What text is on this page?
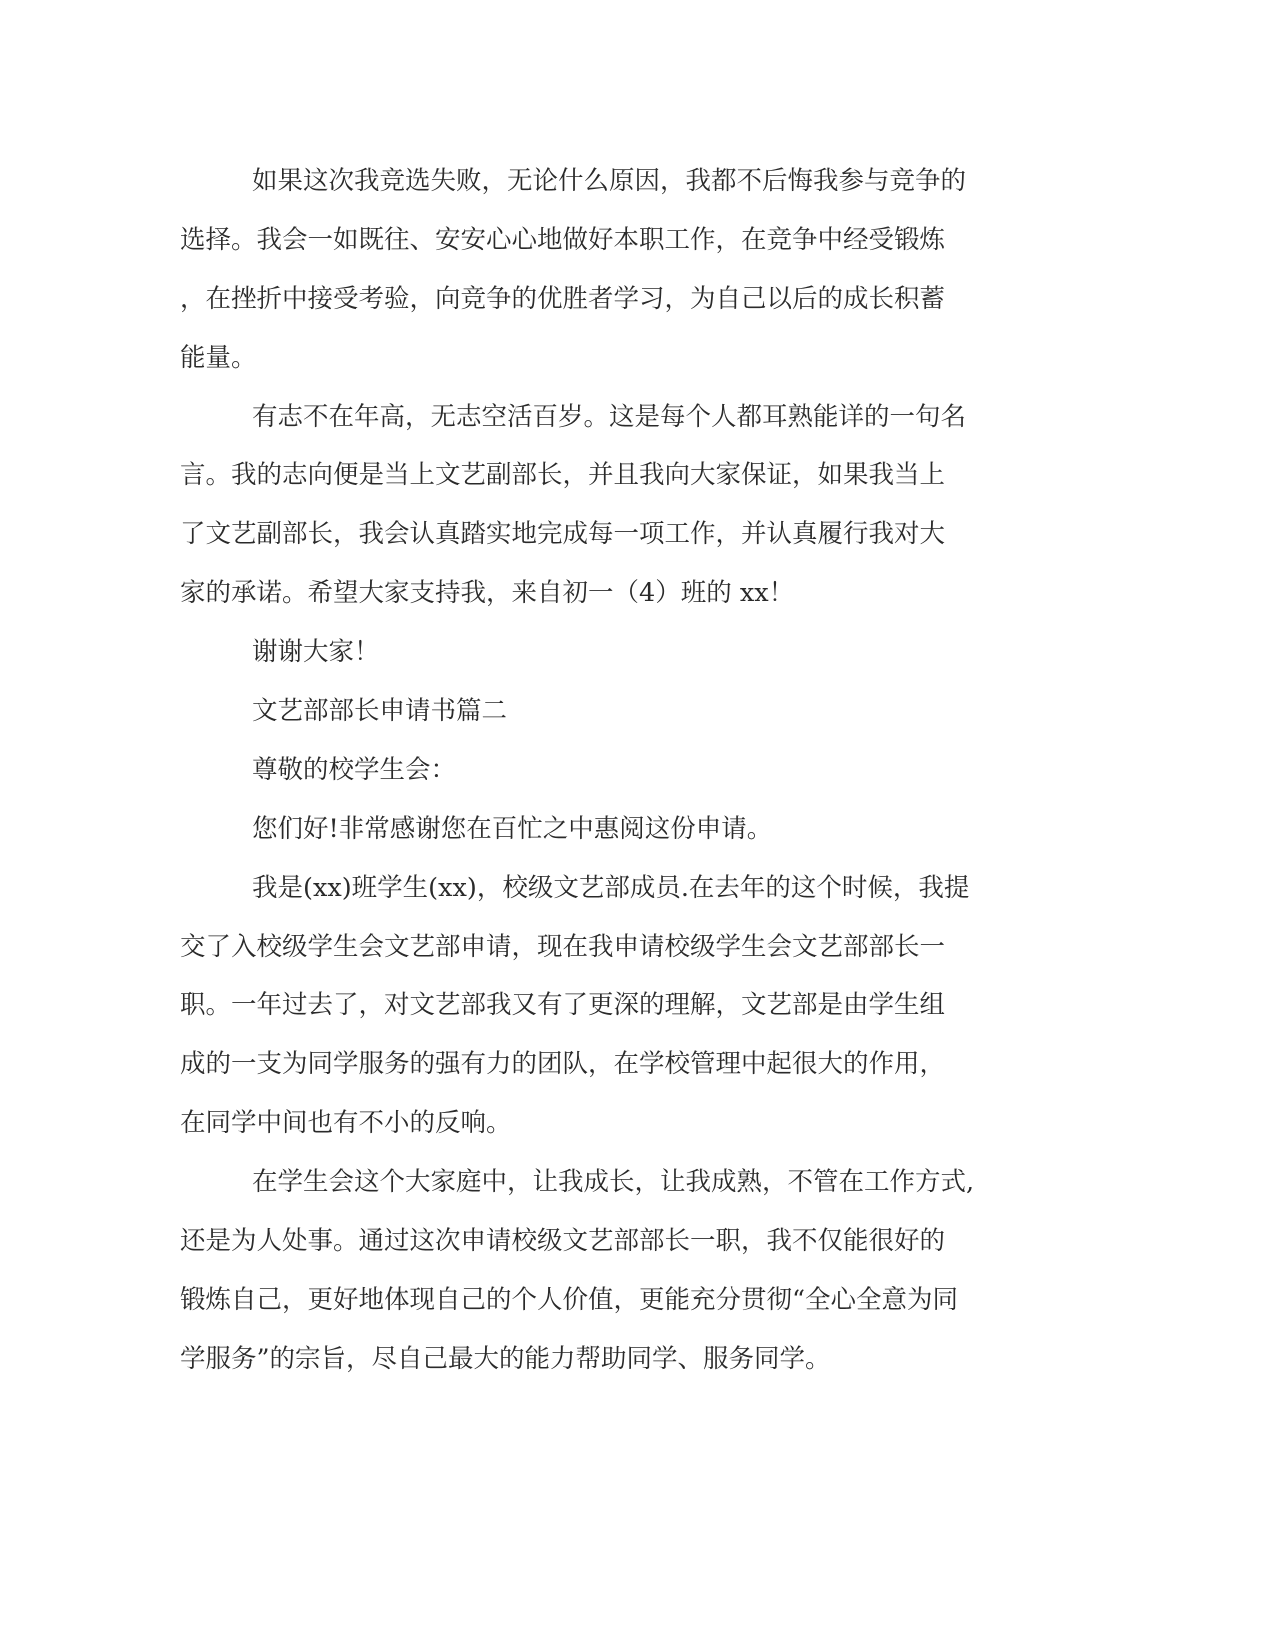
如果这次我竞选失败，无论什么原因，我都不后悔我参与竞争的
选择。我会一如既往、安安心心地做好本职工作，在竞争中经受锻炼
，在挫折中接受考验，向竞争的优胜者学习，为自己以后的成长积蓄
能量。
有志不在年高，无志空活百岁。这是每个人都耳熟能详的一句名
言。我的志向便是当上文艺副部长，并且我向大家保证，如果我当上
了文艺副部长，我会认真踏实地完成每一项工作，并认真履行我对大
家的承诺。希望大家支持我，来自初一（4）班的 xx！
谢谢大家！
文艺部部长申请书篇二
尊敬的校学生会：
您们好!非常感谢您在百忙之中惠阅这份申请。
我是(xx)班学生(xx)，校级文艺部成员.在去年的这个时候，我提
交了入校级学生会文艺部申请，现在我申请校级学生会文艺部部长一
职。一年过去了，对文艺部我又有了更深的理解，文艺部是由学生组
成的一支为同学服务的强有力的团队，在学校管理中起很大的作用，
在同学中间也有不小的反响。
在学生会这个大家庭中，让我成长，让我成熟，不管在工作方式,
还是为人处事。通过这次申请校级文艺部部长一职，我不仅能很好的
锻炼自己，更好地体现自己的个人价值，更能充分贯彻“全心全意为同
学服务”的宗旨，尽自己最大的能力帮助同学、服务同学。
